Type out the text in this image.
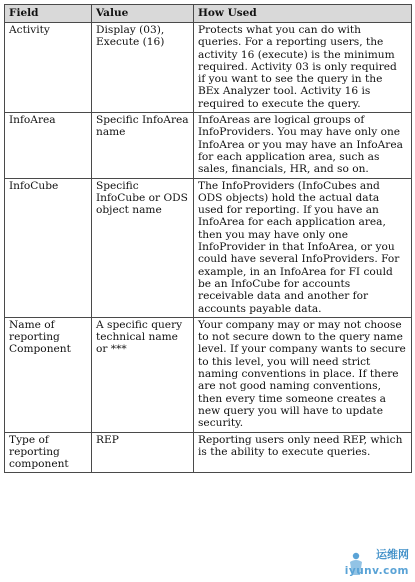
Field	Value	How Used

Activity	Display (03), Execute (16)	Protects what you can do with queries. For a reporting users, the activity 16 (execute) is the minimum required. Activity 03 is only required if you want to see the query in the BEx Analyzer tool. Activity 16 is required to execute the query.

InfoArea	Specific InfoArea name	InfoAreas are logical groups of InfoProviders. You may have only one InfoArea or you may have an InfoArea for each application area, such as sales, financials, HR, and so on.

InfoCube	Specific InfoCube or ODS object name	The InfoProviders (InfoCubes and ODS objects) hold the actual data used for reporting. If you have an InfoArea for each application area, then you may have only one InfoProvider in that InfoArea, or you could have several InfoProviders. For example, in an InfoArea for FI could be an InfoCube for accounts receivable data and another for accounts payable data.

Name of reporting Component	A specific query technical name or ***	Your company may or may not choose to not secure down to the query name level. If your company wants to secure to this level, you will need strict naming conventions in place. If there are not good naming conventions, then every time someone creates a new query you will have to update security.

Type of reporting component	REP	Reporting users only need REP, which is the ability to execute queries.
运维网
iyunv.com
